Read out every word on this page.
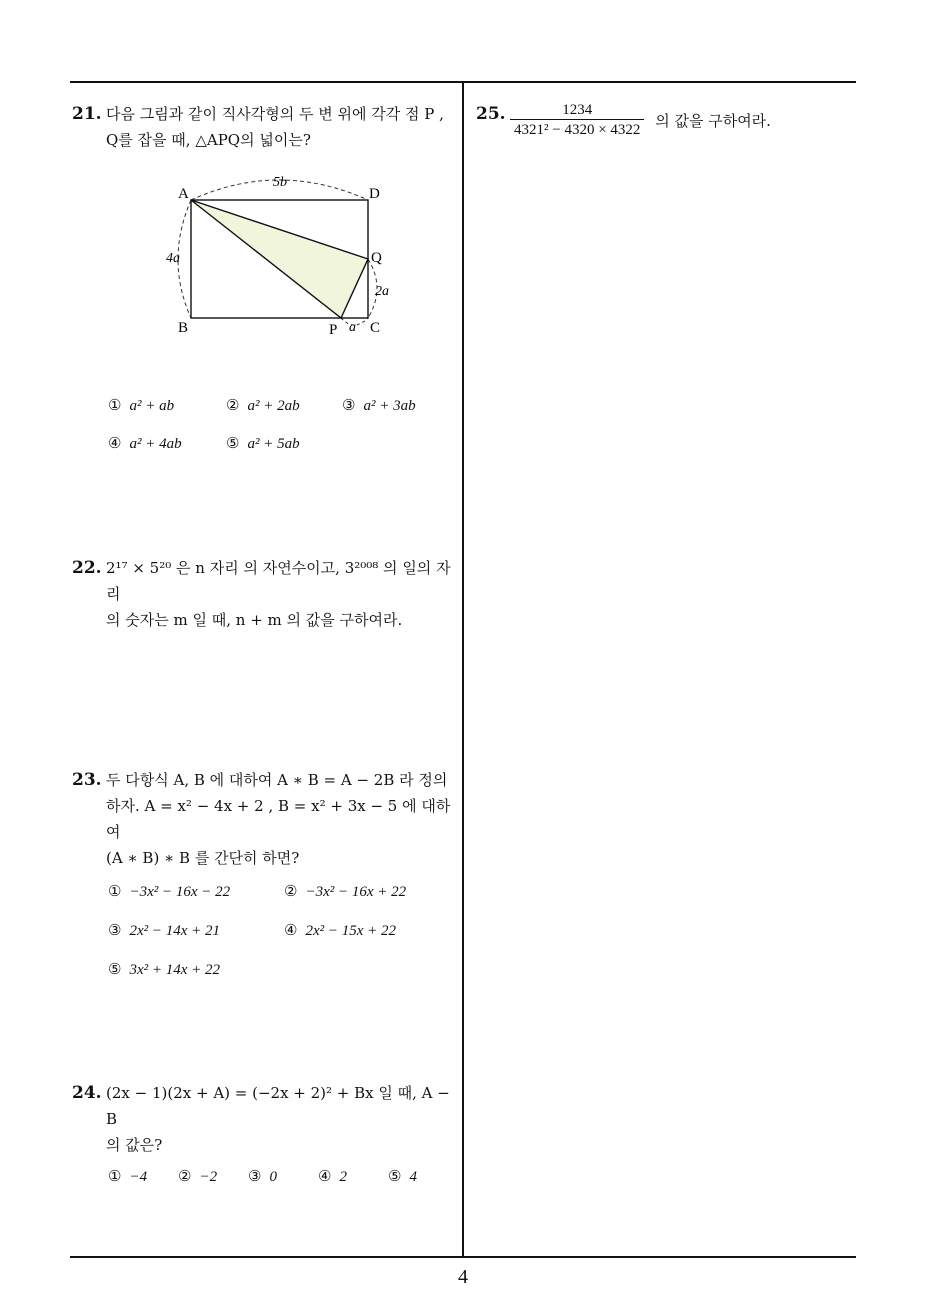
21. 다음 그림과 같이 직사각형의 두 변 위에 각각 점 P ,
Q를 잡을 때, △APQ의 넓이는?
A	D
B	C
P
Q
5b
4a
2a
a
① a² + ab	② a² + 2ab	③ a² + 3ab
④ a² + 4ab	⑤ a² + 5ab
22. 2¹⁷ × 5²⁰ 은 n 자리 의 자연수이고, 3²⁰⁰⁸ 의 일의 자리
의 숫자는 m 일 때, n + m 의 값을 구하여라.
23. 두 다항식 A, B 에 대하여 A ∗ B = A − 2B 라 정의
하자. A = x² − 4x + 2 , B = x² + 3x − 5 에 대하여
(A ∗ B) ∗ B 를 간단히 하면?
① −3x² − 16x − 22	② −3x² − 16x + 22
③ 2x² − 14x + 21	④ 2x² − 15x + 22
⑤ 3x² + 14x + 22
24. (2x − 1)(2x + A) = (−2x + 2)² + Bx 일 때, A − B
의 값은?
① −4 ② −2 ③ 0	④ 2	⑤ 4
25. $\frac{1234}{\text{4321² − 4320 × 4322}}$ 의 값을 구하여라.
4
